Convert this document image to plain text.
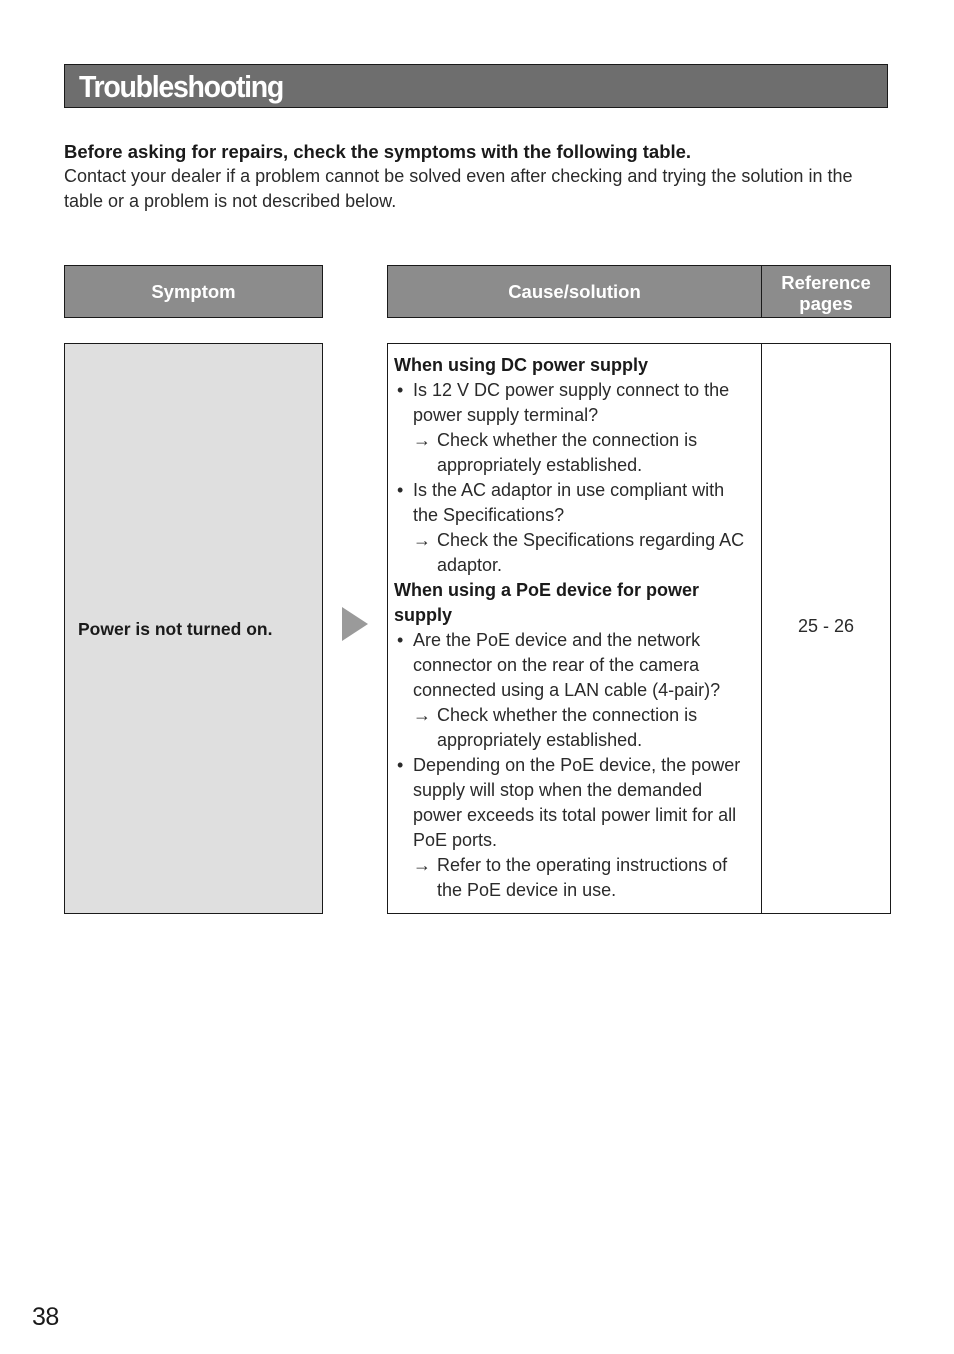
Troubleshooting
Before asking for repairs, check the symptoms with the following table.
Contact your dealer if a problem cannot be solved even after checking and trying the solution in the table or a problem is not described below.
Symptom	Cause/solution	Reference pages
Power is not turned on.
When using DC power supply
• Is 12 V DC power supply connect to the power supply terminal?
→ Check whether the connection is appropriately established.
• Is the AC adaptor in use compliant with the Specifications?
→ Check the Specifications regarding AC adaptor.
When using a PoE device for power supply
• Are the PoE device and the network connector on the rear of the camera connected using a LAN cable (4-pair)?
→ Check whether the connection is appropriately established.
• Depending on the PoE device, the power supply will stop when the demanded power exceeds its total power limit for all PoE ports.
→ Refer to the operating instructions of the PoE device in use.
25 - 26
38
